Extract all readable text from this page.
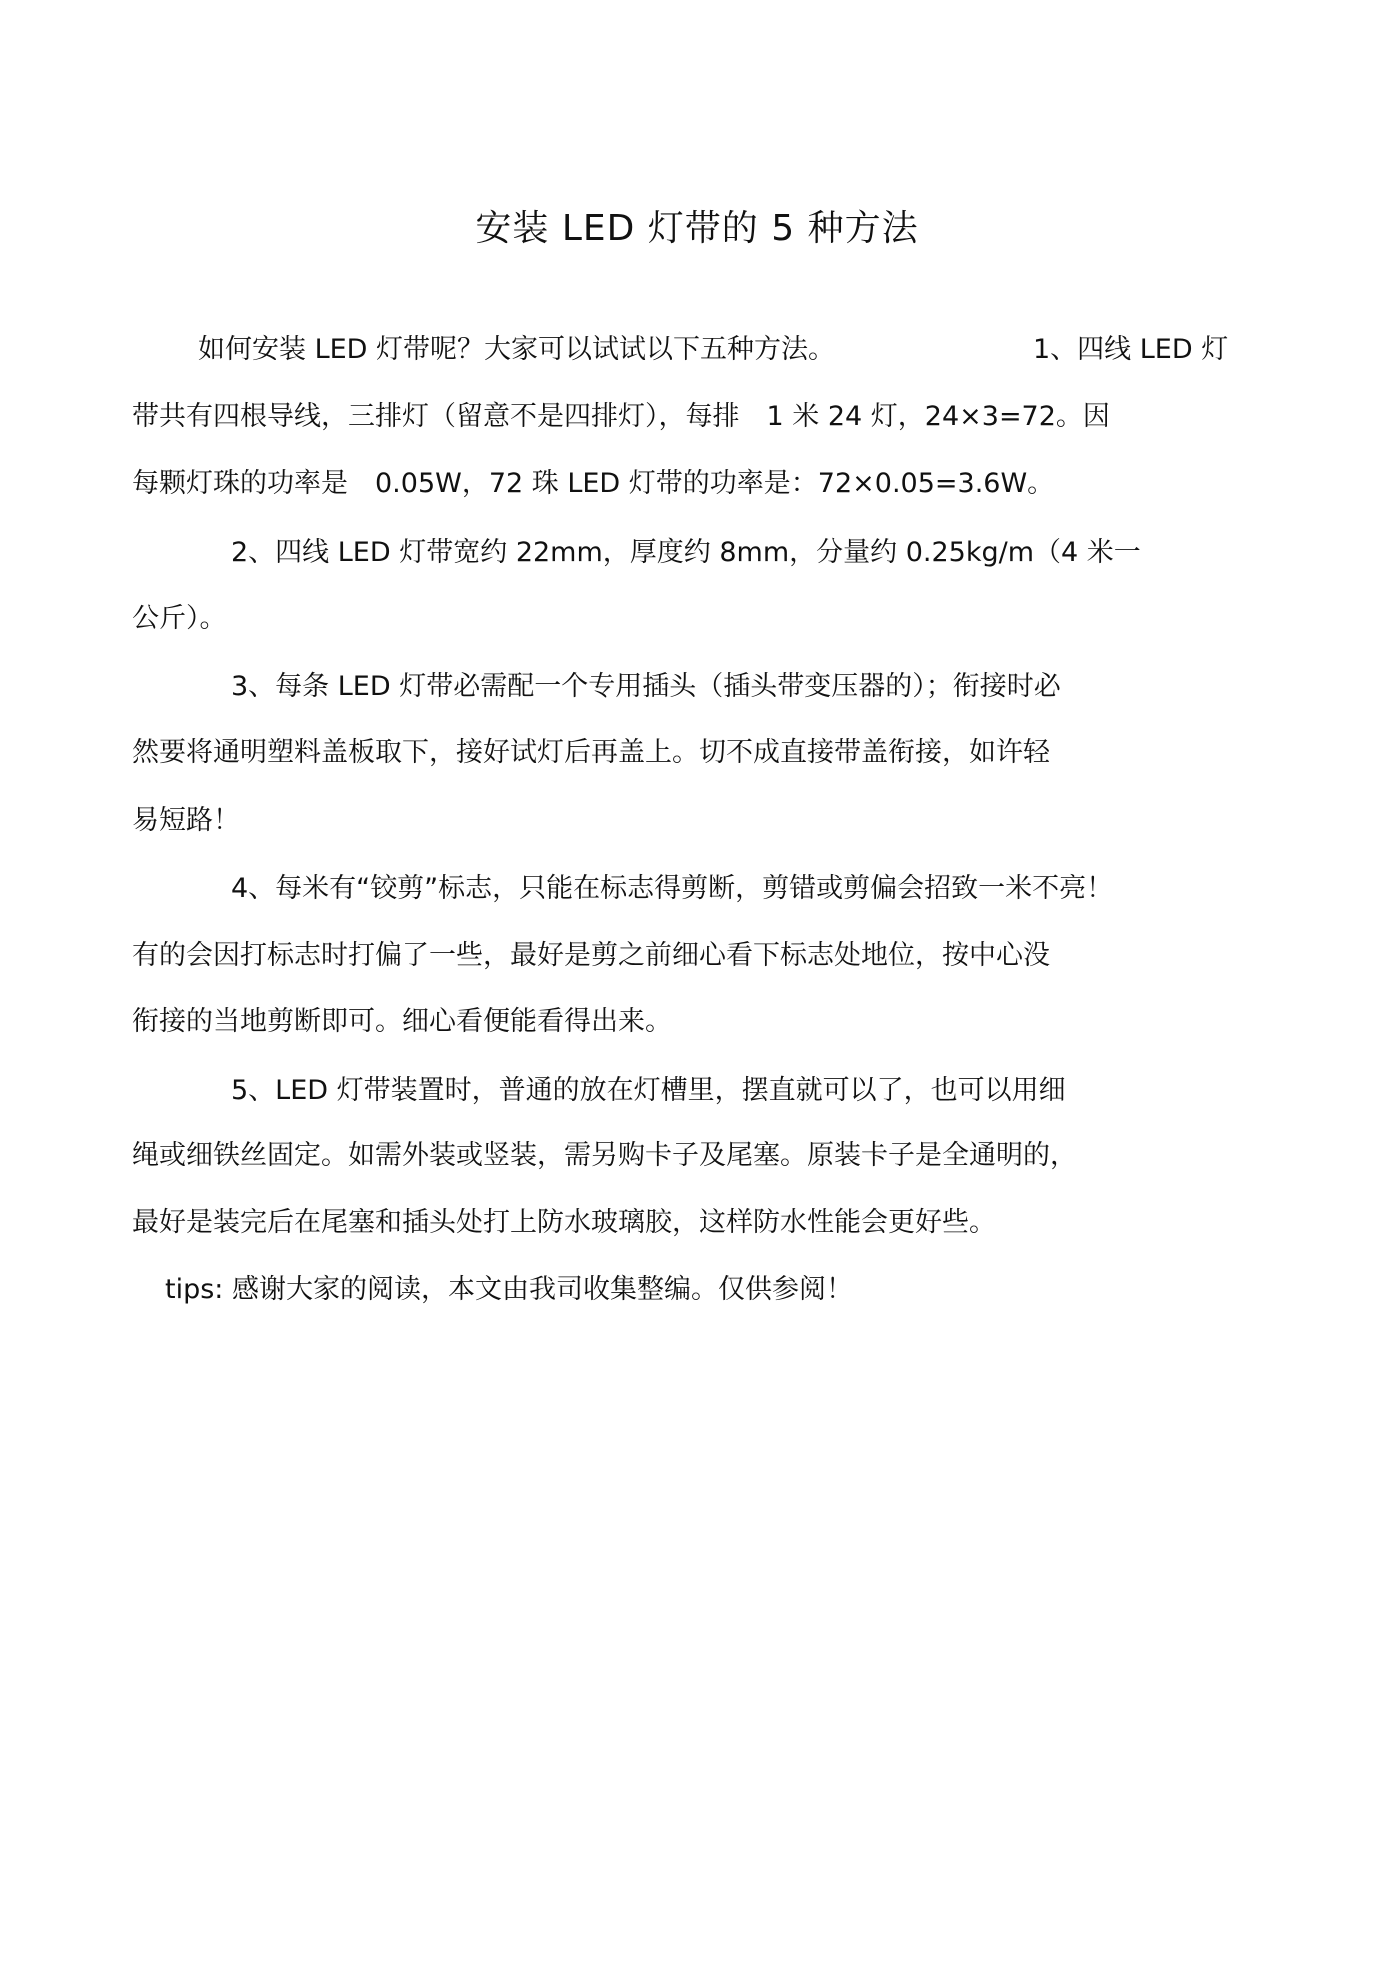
安装 LED 灯带的 5 种方法
如何安装 LED 灯带呢？大家可以试试以下五种方法。	1、四线 LED 灯
带共有四根导线，三排灯（留意不是四排灯），每排　1 米 24 灯，24×3=72。因
每颗灯珠的功率是　0.05W，72 珠 LED 灯带的功率是：72×0.05=3.6W。
2、四线 LED 灯带宽约 22mm，厚度约 8mm，分量约 0.25kg/m（4 米一
公斤）。
3、每条 LED 灯带必需配一个专用插头（插头带变压器的）；衔接时必
然要将通明塑料盖板取下，接好试灯后再盖上。切不成直接带盖衔接，如许轻
易短路！
4、每米有“铰剪”标志，只能在标志得剪断，剪错或剪偏会招致一米不亮！
有的会因打标志时打偏了一些，最好是剪之前细心看下标志处地位，按中心没
衔接的当地剪断即可。细心看便能看得出来。
5、LED 灯带装置时，普通的放在灯槽里，摆直就可以了，也可以用细
绳或细铁丝固定。如需外装或竖装，需另购卡子及尾塞。原装卡子是全通明的，
最好是装完后在尾塞和插头处打上防水玻璃胶，这样防水性能会更好些。
tips: 感谢大家的阅读，本文由我司收集整编。仅供参阅！
